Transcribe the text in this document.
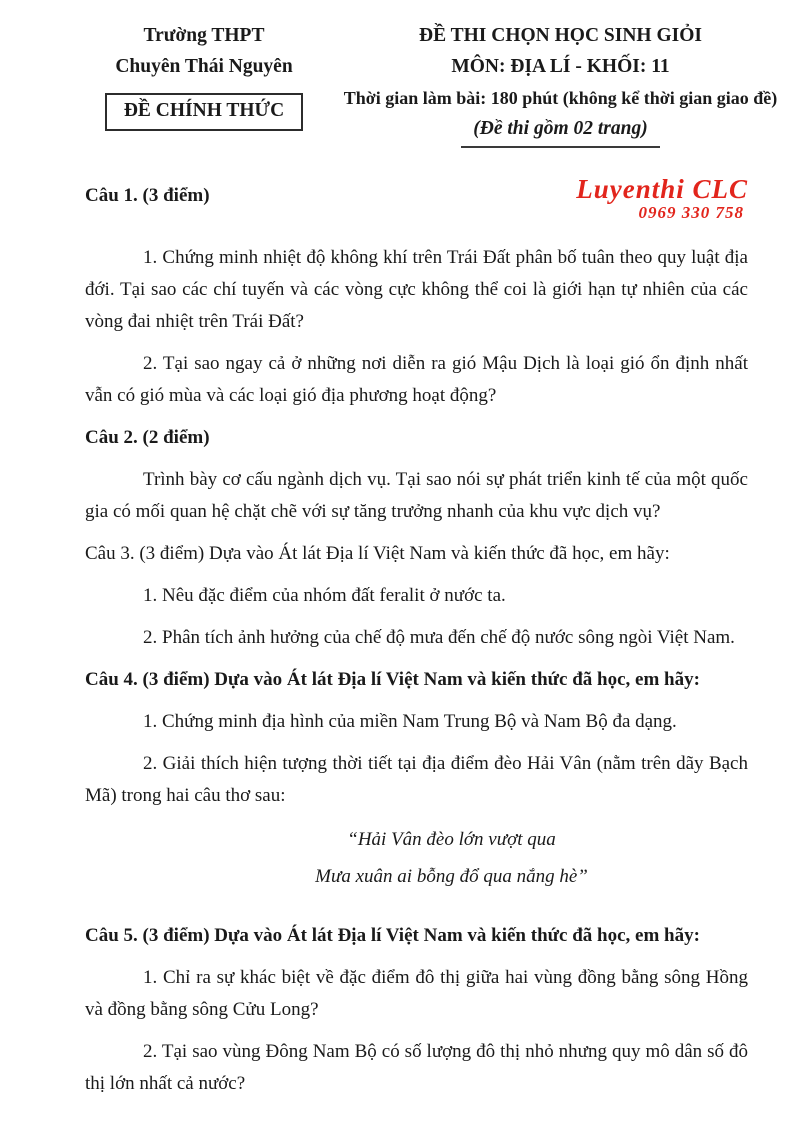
Trường THPT
Chuyên Thái Nguyên
ĐỀ CHÍNH THỨC
ĐỀ THI CHỌN HỌC SINH GIỎI
MÔN: ĐỊA LÍ - KHỐI: 11
Thời gian làm bài: 180 phút (không kể thời gian giao đề)
(Đề thi gồm 02 trang)
Luyenthi CLC
0969 330 758

Câu 1. (3 điểm)

1. Chứng minh nhiệt độ không khí trên Trái Đất phân bố tuân theo quy luật địa đới. Tại sao các chí tuyến và các vòng cực không thể coi là giới hạn tự nhiên của các vòng đai nhiệt trên Trái Đất?

2. Tại sao ngay cả ở những nơi diễn ra gió Mậu Dịch là loại gió ổn định nhất vẫn có gió mùa và các loại gió địa phương hoạt động?

Câu 2. (2 điểm)

Trình bày cơ cấu ngành dịch vụ. Tại sao nói sự phát triển kinh tế của một quốc gia có mối quan hệ chặt chẽ với sự tăng trưởng nhanh của khu vực dịch vụ?

Câu 3. (3 điểm) Dựa vào Át lát Địa lí Việt Nam và kiến thức đã học, em hãy:

1. Nêu đặc điểm của nhóm đất feralit ở nước ta.

2. Phân tích ảnh hưởng của chế độ mưa đến chế độ nước sông ngòi Việt Nam.

Câu 4. (3 điểm) Dựa vào Át lát Địa lí Việt Nam và kiến thức đã học, em hãy:

1. Chứng minh địa hình của miền Nam Trung Bộ và Nam Bộ đa dạng.

2. Giải thích hiện tượng thời tiết tại địa điểm đèo Hải Vân (nằm trên dãy Bạch Mã) trong hai câu thơ sau:

“Hải Vân đèo lớn vượt qua

Mưa xuân ai bỗng đổ qua nắng hè”

Câu 5. (3 điểm) Dựa vào Át lát Địa lí Việt Nam và kiến thức đã học, em hãy:

1. Chỉ ra sự khác biệt về đặc điểm đô thị giữa hai vùng đồng bằng sông Hồng và đồng bằng sông Cửu Long?

2. Tại sao vùng Đông Nam Bộ có số lượng đô thị nhỏ nhưng quy mô dân số đô thị lớn nhất cả nước?
